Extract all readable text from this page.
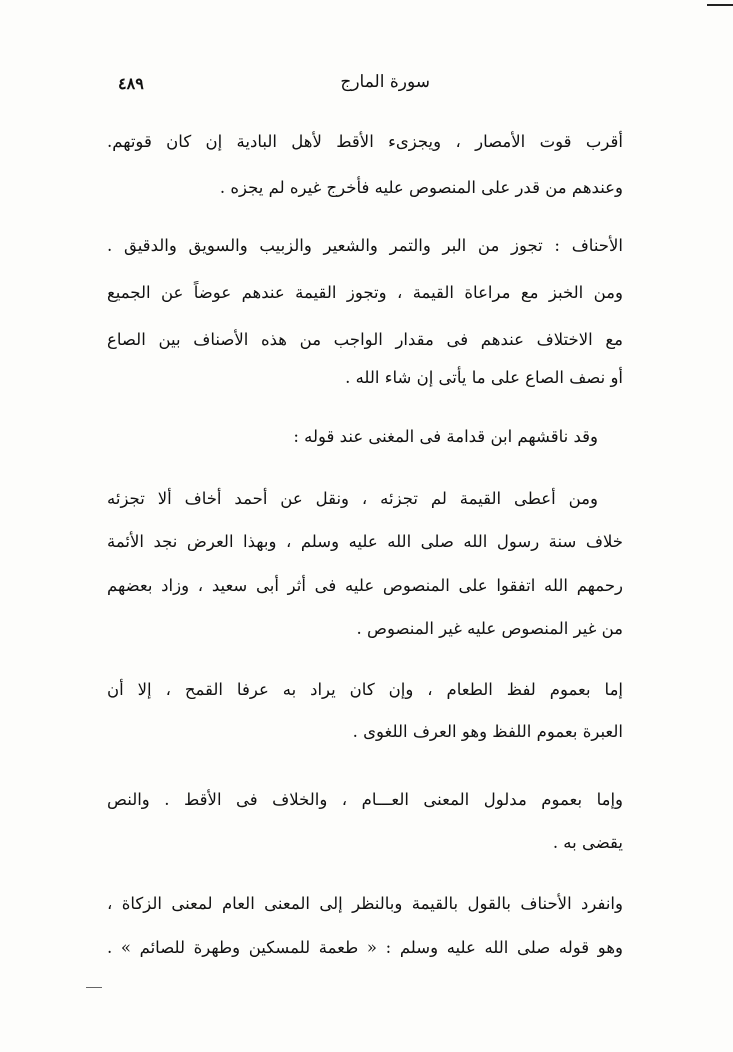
سورة المارج
٤٨٩
أقرب قوت الأمصار ، ويجزىء الأقط لأهل البادية إن كان قوتهم.
وعندهم من قدر على المنصوص عليه فأخرج غيره لم يجزه .
الأحناف : تجوز من البر والتمر والشعير والزبيب والسويق والدقيق .
ومن الخبز مع مراعاة القيمة ، وتجوز القيمة عندهم عوضاً عن الجميع
مع الاختلاف عندهم فى مقدار الواجب من هذه الأصناف بين الصاع
أو نصف الصاع على ما يأتى إن شاء الله .
وقد ناقشهم ابن قدامة فى المغنى عند قوله :
ومن أعطى القيمة لم تجزئه ، ونقل عن أحمد أخاف ألا تجزئه
خلاف سنة رسول الله صلى الله عليه وسلم ، وبهذا العرض نجد الأئمة
رحمهم الله اتفقوا على المنصوص عليه فى أثر أبى سعيد ، وزاد بعضهم
من غير المنصوص عليه غير المنصوص .
إما بعموم لفظ الطعام ، وإن كان يراد به عرفا القمح ، إلا أن
العبرة بعموم اللفظ وهو العرف اللغوى .
وإما بعموم مدلول المعنى العـــام ، والخلاف فى الأقط . والنص
يقضى به .
وانفرد الأحناف بالقول بالقيمة وبالنظر إلى المعنى العام لمعنى الزكاة ،
وهو قوله صلى الله عليه وسلم : « طعمة للمسكين وطهرة للصائم » .
